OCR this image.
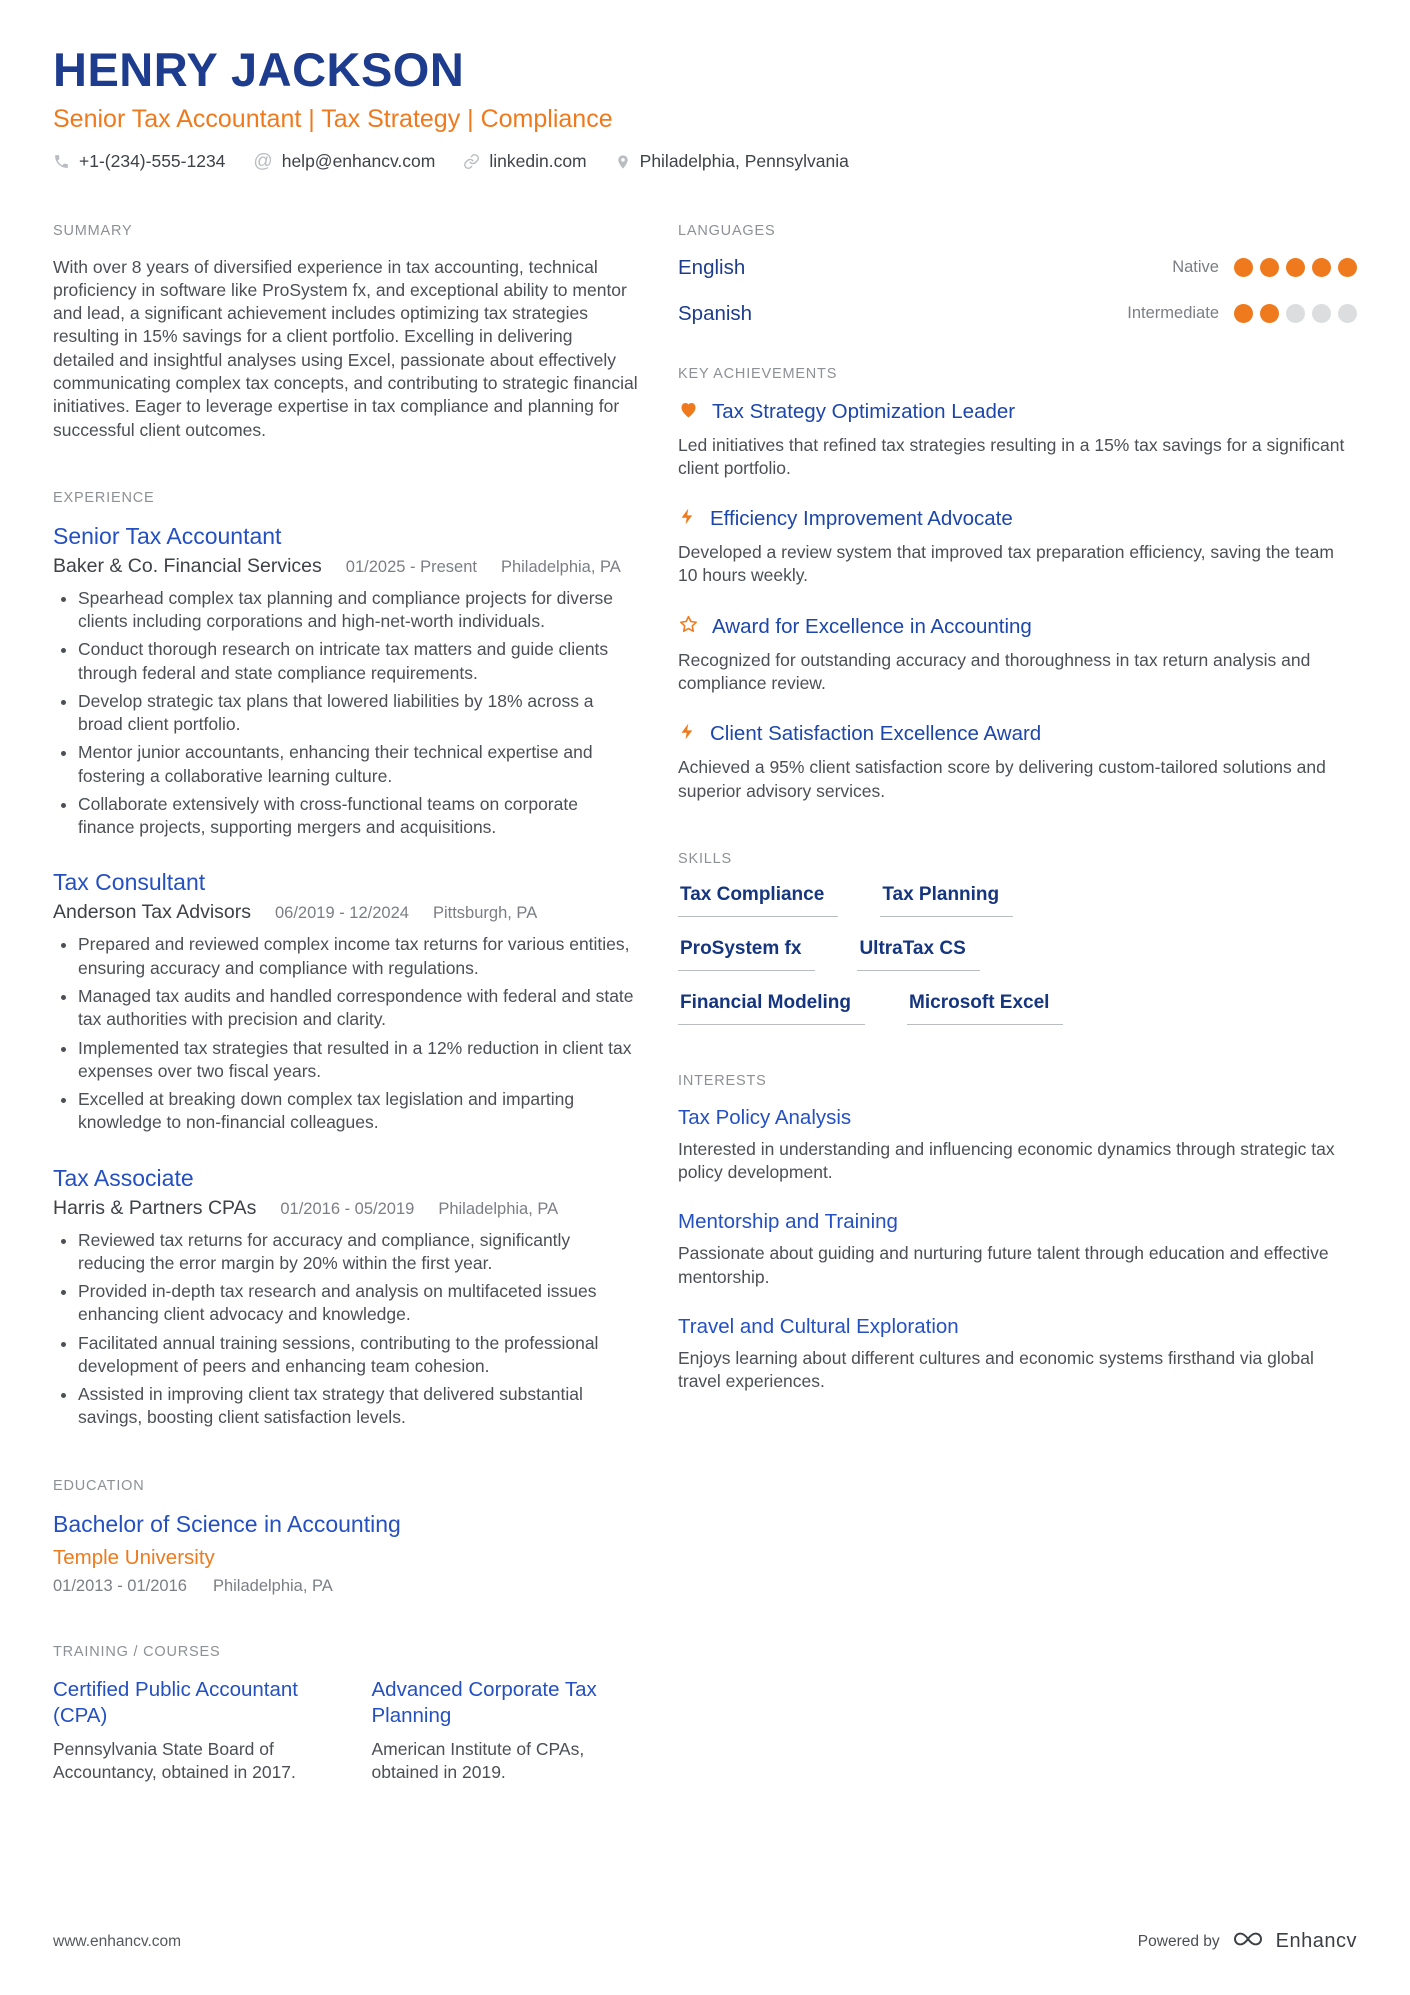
HENRY JACKSON
Senior Tax Accountant | Tax Strategy | Compliance
+1-(234)-555-1234 @ help@enhancv.com	linkedin.com	Philadelphia, Pennsylvania
SUMMARY
With over 8 years of diversified experience in tax accounting, technical proficiency in software like ProSystem fx, and exceptional ability to mentor and lead, a significant achievement includes optimizing tax strategies resulting in 15% savings for a client portfolio. Excelling in delivering detailed and insightful analyses using Excel, passionate about effectively communicating complex tax concepts, and contributing to strategic financial initiatives. Eager to leverage expertise in tax compliance and planning for successful client outcomes.
EXPERIENCE
Senior Tax Accountant
Baker & Co. Financial Services 01/2025 - Present Philadelphia, PA
• Spearhead complex tax planning and compliance projects for diverse clients including corporations and high-net-worth individuals.
• Conduct thorough research on intricate tax matters and guide clients through federal and state compliance requirements.
• Develop strategic tax plans that lowered liabilities by 18% across a broad client portfolio.
• Mentor junior accountants, enhancing their technical expertise and fostering a collaborative learning culture.
• Collaborate extensively with cross-functional teams on corporate finance projects, supporting mergers and acquisitions.
Tax Consultant
Anderson Tax Advisors 06/2019 - 12/2024 Pittsburgh, PA
• Prepared and reviewed complex income tax returns for various entities, ensuring accuracy and compliance with regulations.
• Managed tax audits and handled correspondence with federal and state tax authorities with precision and clarity.
• Implemented tax strategies that resulted in a 12% reduction in client tax expenses over two fiscal years.
• Excelled at breaking down complex tax legislation and imparting knowledge to non-financial colleagues.
Tax Associate
Harris & Partners CPAs 01/2016 - 05/2019 Philadelphia, PA
• Reviewed tax returns for accuracy and compliance, significantly reducing the error margin by 20% within the first year.
• Provided in-depth tax research and analysis on multifaceted issues enhancing client advocacy and knowledge.
• Facilitated annual training sessions, contributing to the professional development of peers and enhancing team cohesion.
• Assisted in improving client tax strategy that delivered substantial savings, boosting client satisfaction levels.
EDUCATION
Bachelor of Science in Accounting
Temple University
01/2013 - 01/2016 Philadelphia, PA
TRAINING / COURSES
Certified Public Accountant (CPA)
Pennsylvania State Board of Accountancy, obtained in 2017.
Advanced Corporate Tax Planning
American Institute of CPAs, obtained in 2019.
LANGUAGES
English	Native
Spanish	Intermediate
KEY ACHIEVEMENTS
Tax Strategy Optimization Leader
Led initiatives that refined tax strategies resulting in a 15% tax savings for a significant client portfolio.
Efficiency Improvement Advocate
Developed a review system that improved tax preparation efficiency, saving the team 10 hours weekly.
Award for Excellence in Accounting
Recognized for outstanding accuracy and thoroughness in tax return analysis and compliance review.
Client Satisfaction Excellence Award
Achieved a 95% client satisfaction score by delivering custom-tailored solutions and superior advisory services.
SKILLS
Tax Compliance	Tax Planning
ProSystem fx	UltraTax CS
Financial Modeling	Microsoft Excel
INTERESTS
Tax Policy Analysis
Interested in understanding and influencing economic dynamics through strategic tax policy development.
Mentorship and Training
Passionate about guiding and nurturing future talent through education and effective mentorship.
Travel and Cultural Exploration
Enjoys learning about different cultures and economic systems firsthand via global travel experiences.
www.enhancv.com	Powered by	Enhancv
